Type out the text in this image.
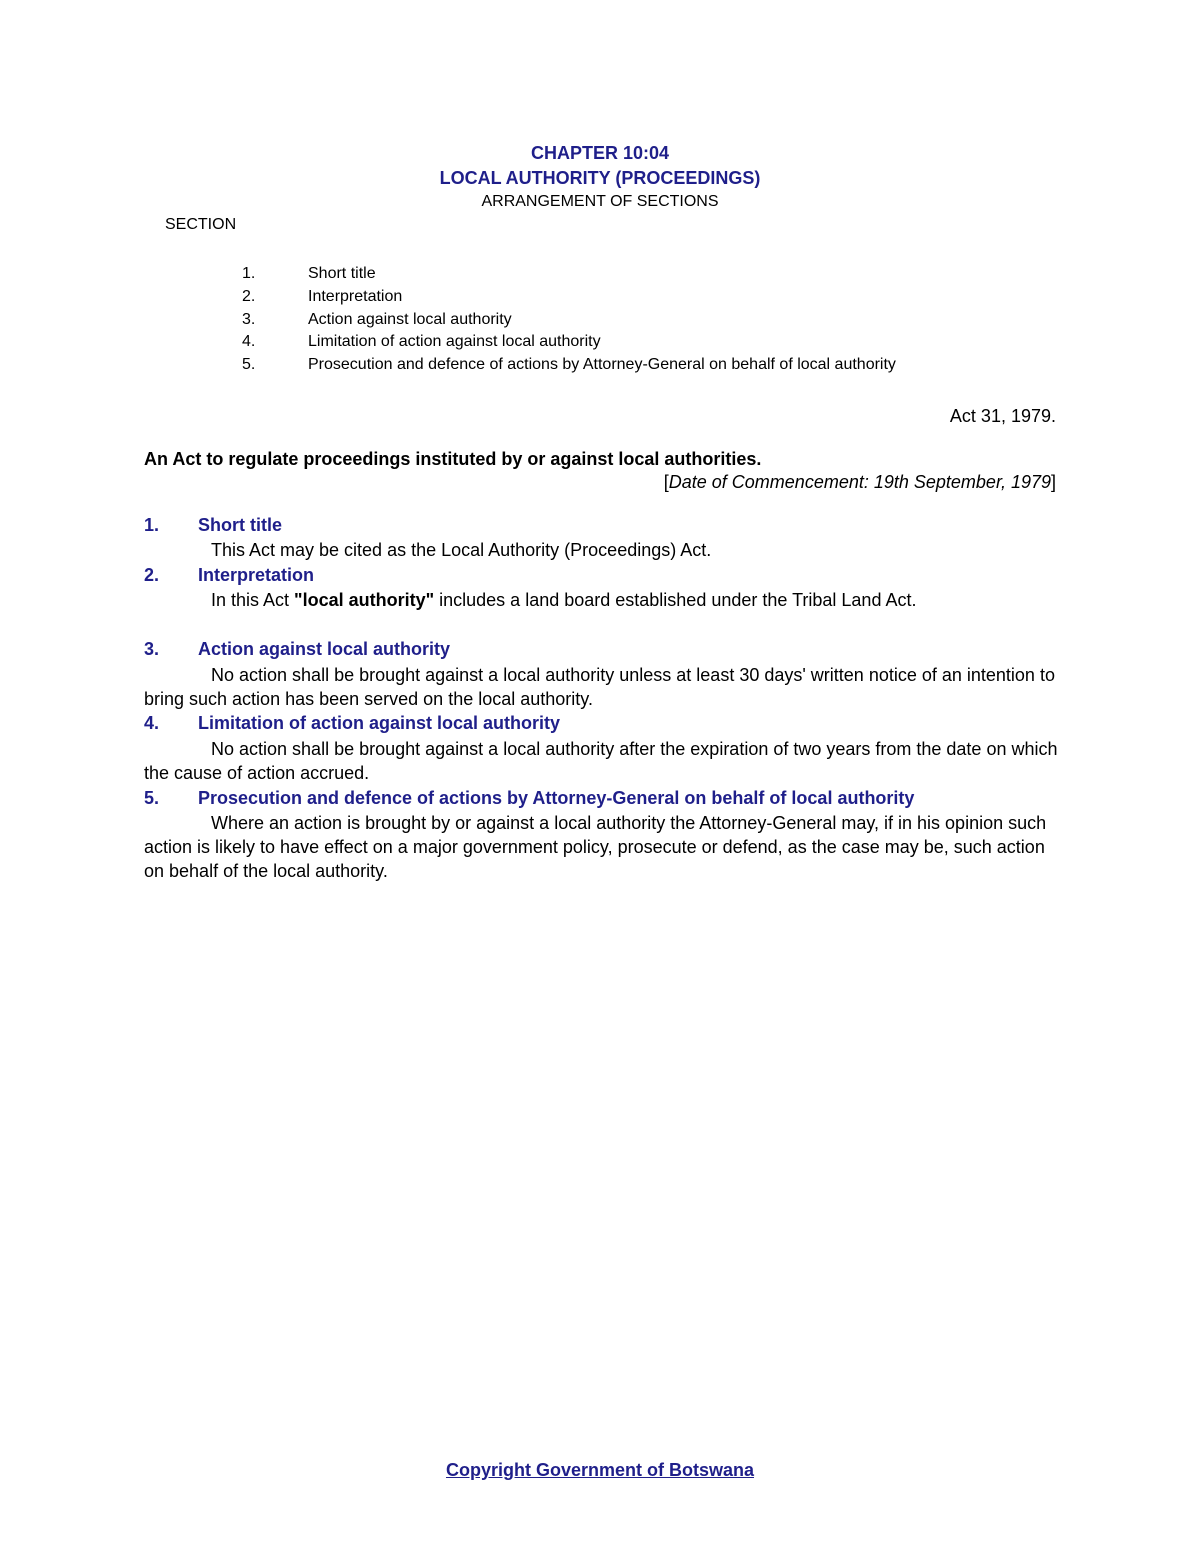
CHAPTER 10:04
LOCAL AUTHORITY (PROCEEDINGS)
ARRANGEMENT OF SECTIONS
SECTION
1.	Short title
2.	Interpretation
3.	Action against local authority
4.	Limitation of action against local authority
5.	Prosecution and defence of actions by Attorney-General on behalf of local authority
Act 31, 1979.
An Act to regulate proceedings instituted by or against local authorities.
[Date of Commencement: 19th September, 1979]
1. Short title

This Act may be cited as the Local Authority (Proceedings) Act.

2. Interpretation

In this Act "local authority" includes a land board established under the Tribal Land Act.

3. Action against local authority

No action shall be brought against a local authority unless at least 30 days' written notice of an intention to bring such action has been served on the local authority.

4. Limitation of action against local authority

No action shall be brought against a local authority after the expiration of two years from the date on which the cause of action accrued.

5. Prosecution and defence of actions by Attorney-General on behalf of local authority

Where an action is brought by or against a local authority the Attorney-General may, if in his opinion such action is likely to have effect on a major government policy, prosecute or defend, as the case may be, such action on behalf of the local authority.

Copyright Government of Botswana
